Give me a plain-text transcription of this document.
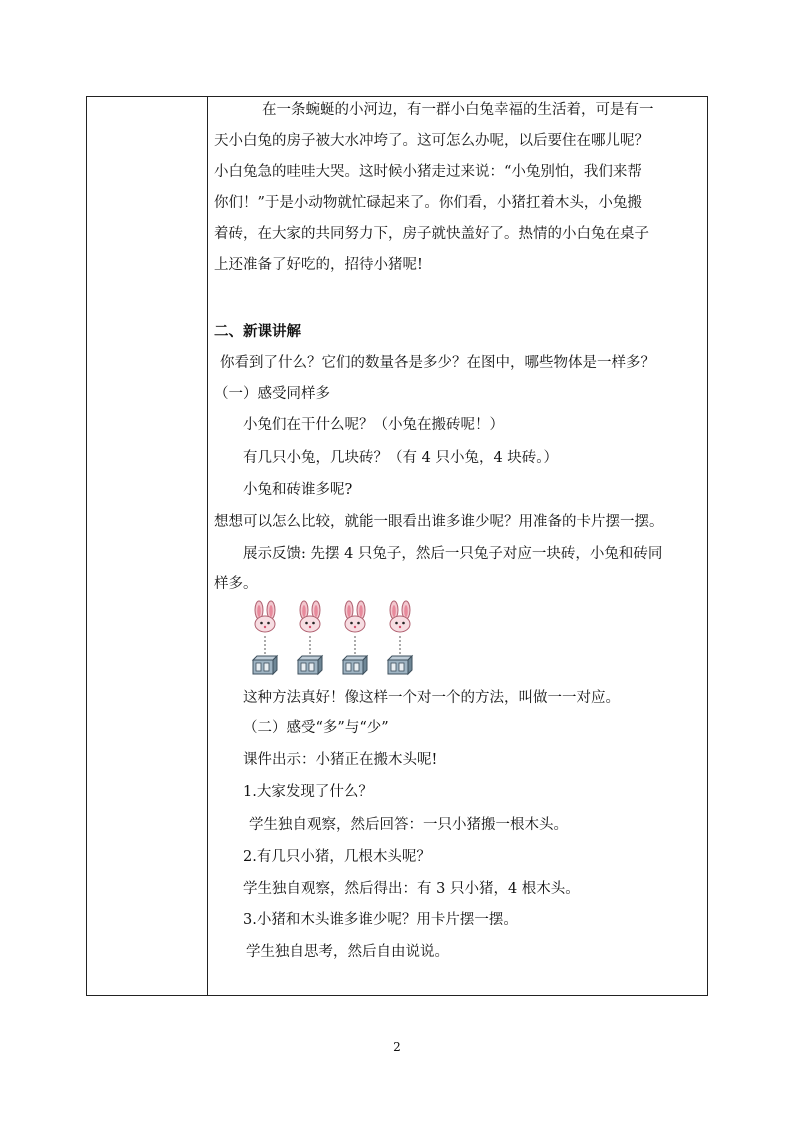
在一条蜿蜒的小河边，有一群小白兔幸福的生活着，可是有一
天小白兔的房子被大水冲垮了。这可怎么办呢，以后要住在哪儿呢？
小白兔急的哇哇大哭。这时候小猪走过来说：“小兔别怕，我们来帮
你们！”于是小动物就忙碌起来了。你们看，小猪扛着木头，小兔搬
着砖，在大家的共同努力下，房子就快盖好了。热情的小白兔在桌子
上还准备了好吃的，招待小猪呢!
二、新课讲解
你看到了什么？它们的数量各是多少？在图中，哪些物体是一样多？
（一）感受同样多
小兔们在干什么呢？（小兔在搬砖呢！）
有几只小兔，几块砖？（有 4 只小兔，4 块砖。）
小兔和砖谁多呢?
想想可以怎么比较，就能一眼看出谁多谁少呢？用准备的卡片摆一摆。
展示反馈: 先摆 4 只兔子，然后一只兔子对应一块砖，小兔和砖同
样多。
这种方法真好！像这样一个对一个的方法，叫做一一对应。
（二）感受“多”与“少”
课件出示：小猪正在搬木头呢!
1.大家发现了什么？
学生独自观察，然后回答：一只小猪搬一根木头。
2.有几只小猪，几根木头呢？
学生独自观察，然后得出：有 3 只小猪，4 根木头。
3.小猪和木头谁多谁少呢？用卡片摆一摆。
学生独自思考，然后自由说说。
2
